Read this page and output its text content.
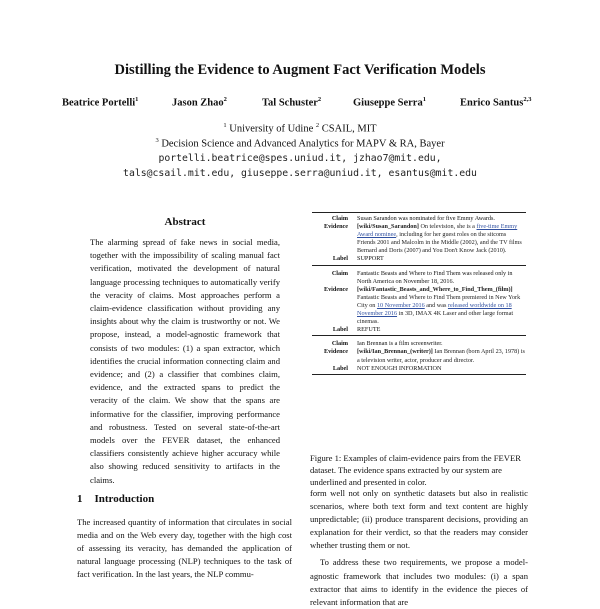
Distilling the Evidence to Augment Fact Verification Models
Beatrice Portelli$^1$	Jason Zhao$^2$	Tal Schuster$^2$	Giuseppe Serra$^1$	Enrico Santus$^{2,3}$
$^1$ University of Udine $^2$ CSAIL, MIT
$^3$ Decision Science and Advanced Analytics for MAPV & RA, Bayer
portelli.beatrice@spes.uniud.it, jzhao7@mit.edu,
tals@csail.mit.edu, giuseppe.serra@uniud.it, esantus@mit.edu
Abstract
The alarming spread of fake news in social media, together with the impossibility of scaling manual fact verification, motivated the development of natural language processing techniques to automatically verify the veracity of claims. Most approaches perform a claim-evidence classification without providing any insights about why the claim is trustworthy or not. We propose, instead, a model-agnostic framework that consists of two modules: (1) a span extractor, which identifies the crucial information connecting claim and evidence; and (2) a classifier that combines claim, evidence, and the extracted spans to predict the veracity of the claim. We show that the spans are informative for the classifier, improving performance and robustness. Tested on several state-of-the-art models over the FEVER dataset, the enhanced classifiers consistently achieve higher accuracy while also showing reduced sensitivity to artifacts in the claims.
1 Introduction
The increased quantity of information that circulates in social media and on the Web every day, together with the high cost of assessing its veracity, has demanded the application of natural language processing (NLP) techniques to the task of fact verification. In the last years, the NLP commu-
Claim	Susan Sarandon was nominated for five Emmy Awards.
Evidence	[wiki/Susan_Sarandon] On television, she is a five-time Emmy Award nominee, including for her guest roles on the sitcoms Friends 2001 and Malcolm in the Middle (2002), and the TV films Bernard and Doris (2007) and You Don't Know Jack (2010).
Label	SUPPORT
Claim	Fantastic Beasts and Where to Find Them was released only in North America on November 18, 2016.
Evidence	[wiki/Fantastic_Beasts_and_Where_to_Find_Them_(film)] Fantastic Beasts and Where to Find Them premiered in New York City on 10 November 2016 and was released worldwide on 18 November 2016 in 3D, IMAX 4K Laser and other large format cinemas.
Label	REFUTE
Claim	Ian Brennan is a film screenwriter.
Evidence	[wiki/Ian_Brennan_(writer)] Ian Brennan (born April 23, 1978) is a television writer, actor, producer and director.
Label	NOT ENOUGH INFORMATION
Figure 1: Examples of claim-evidence pairs from the FEVER dataset. The evidence spans extracted by our system are underlined and presented in color.
form well not only on synthetic datasets but also in realistic scenarios, where both text form and text content are highly unpredictable; (ii) produce transparent decisions, providing an explanation for their verdict, so that the readers may consider whether trusting them or not.
To address these two requirements, we propose a model-agnostic framework that includes two modules: (i) a span extractor that aims to identify in the evidence the pieces of relevant information that are
